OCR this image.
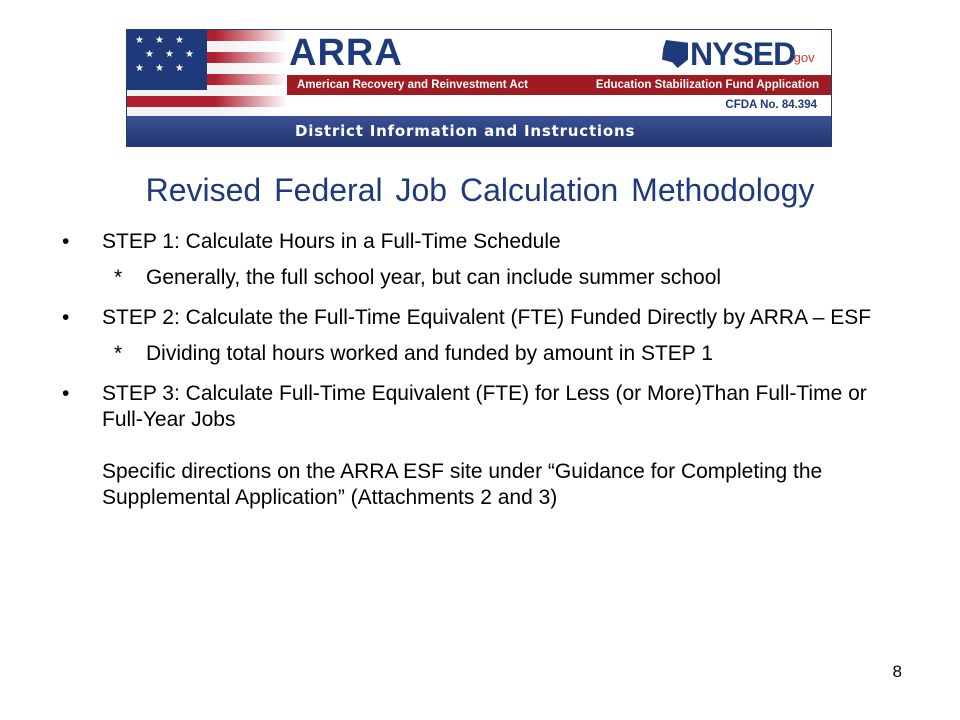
★ ★ ★
★ ★ ★
★ ★ ★	ARRA	NYSED
.gov
American Recovery and Reinvestment Act	Education Stabilization Fund Application
CFDA No. 84.394
District Information and Instructions
Revised Federal Job Calculation Methodology
• STEP 1: Calculate Hours in a Full-Time Schedule
* Generally, the full school year, but can include summer school
• STEP 2: Calculate the Full-Time Equivalent (FTE) Funded Directly by ARRA – ESF
* Dividing total hours worked and funded by amount in STEP 1
• STEP 3: Calculate Full-Time Equivalent (FTE) for Less (or More)Than Full-Time or Full-Year Jobs
Specific directions on the ARRA ESF site under “Guidance for Completing the Supplemental Application” (Attachments 2 and 3)
8
